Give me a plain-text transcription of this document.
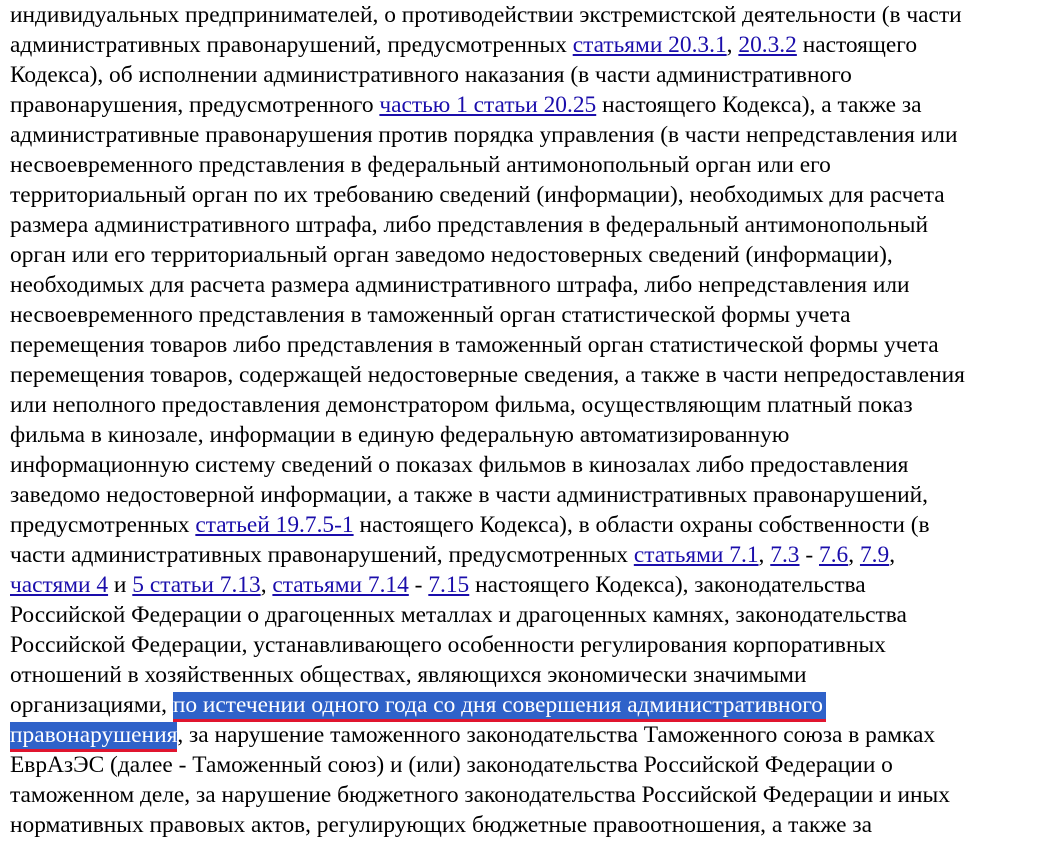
индивидуальных предпринимателей, о противодействии экстремистской деятельности (в части
административных правонарушений, предусмотренных статьями 20.3.1, 20.3.2 настоящего
Кодекса), об исполнении административного наказания (в части административного
правонарушения, предусмотренного частью 1 статьи 20.25 настоящего Кодекса), а также за
административные правонарушения против порядка управления (в части непредставления или
несвоевременного представления в федеральный антимонопольный орган или его
территориальный орган по их требованию сведений (информации), необходимых для расчета
размера административного штрафа, либо представления в федеральный антимонопольный
орган или его территориальный орган заведомо недостоверных сведений (информации),
необходимых для расчета размера административного штрафа, либо непредставления или
несвоевременного представления в таможенный орган статистической формы учета
перемещения товаров либо представления в таможенный орган статистической формы учета
перемещения товаров, содержащей недостоверные сведения, а также в части непредоставления
или неполного предоставления демонстратором фильма, осуществляющим платный показ
фильма в кинозале, информации в единую федеральную автоматизированную
информационную систему сведений о показах фильмов в кинозалах либо предоставления
заведомо недостоверной информации, а также в части административных правонарушений,
предусмотренных статьей 19.7.5-1 настоящего Кодекса), в области охраны собственности (в
части административных правонарушений, предусмотренных статьями 7.1, 7.3 - 7.6, 7.9,
частями 4 и 5 статьи 7.13, статьями 7.14 - 7.15 настоящего Кодекса), законодательства
Российской Федерации о драгоценных металлах и драгоценных камнях, законодательства
Российской Федерации, устанавливающего особенности регулирования корпоративных
отношений в хозяйственных обществах, являющихся экономически значимыми
организациями, по истечении одного года со дня совершения административного
правонарушения, за нарушение таможенного законодательства Таможенного союза в рамках
ЕврАзЭС (далее - Таможенный союз) и (или) законодательства Российской Федерации о
таможенном деле, за нарушение бюджетного законодательства Российской Федерации и иных
нормативных правовых актов, регулирующих бюджетные правоотношения, а также за
